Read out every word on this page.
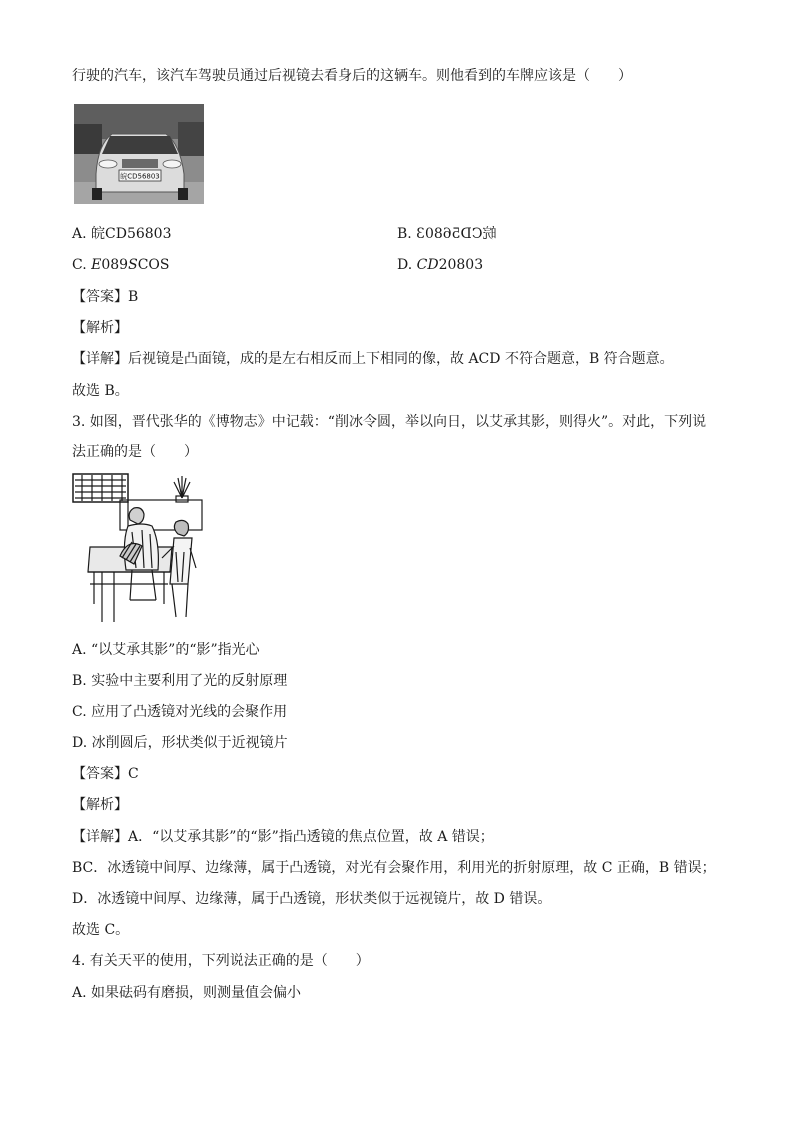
行驶的汽车，该汽车驾驶员通过后视镜去看身后的这辆车。则他看到的车牌应该是（　　）
皖CD56803
A. 皖CD56803	B. 皖CD56803
C. E089SCOS	D. CD20803
【答案】B
【解析】
【详解】后视镜是凸面镜，成的是左右相反而上下相同的像，故 ACD 不符合题意，B 符合题意。
故选 B。
3. 如图，晋代张华的《博物志》中记载：“削冰令圆，举以向日，以艾承其影，则得火”。对此，下列说
法正确的是（　　）
A. “以艾承其影”的“影”指光心
B. 实验中主要利用了光的反射原理
C. 应用了凸透镜对光线的会聚作用
D. 冰削圆后，形状类似于近视镜片
【答案】C
【解析】
【详解】A．“以艾承其影”的“影”指凸透镜的焦点位置，故 A 错误；
BC．冰透镜中间厚、边缘薄，属于凸透镜，对光有会聚作用，利用光的折射原理，故 C 正确，B 错误；
D．冰透镜中间厚、边缘薄，属于凸透镜，形状类似于远视镜片，故 D 错误。
故选 C。
4. 有关天平的使用，下列说法正确的是（　　）
A. 如果砝码有磨损，则测量值会偏小
